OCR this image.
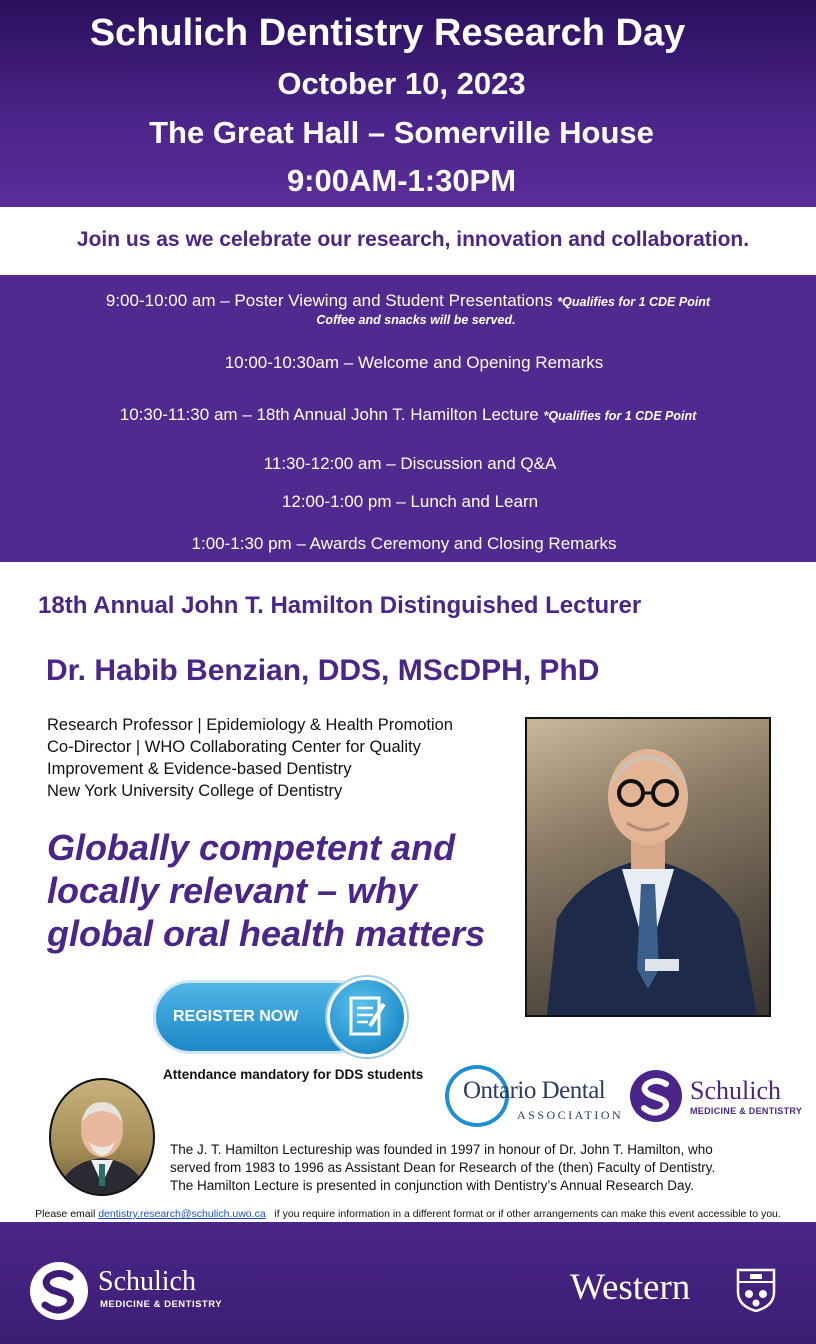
Schulich Dentistry Research Day
October 10, 2023
The Great Hall – Somerville House
9:00AM-1:30PM
Join us as we celebrate our research, innovation and collaboration.
9:00-10:00 am – Poster Viewing and Student Presentations *Qualifies for 1 CDE Point
Coffee and snacks will be served.
10:00-10:30am – Welcome and Opening Remarks
10:30-11:30 am – 18th Annual John T. Hamilton Lecture *Qualifies for 1 CDE Point
11:30-12:00 am – Discussion and Q&A
12:00-1:00 pm – Lunch and Learn
1:00-1:30 pm – Awards Ceremony and Closing Remarks
18th Annual John T. Hamilton Distinguished Lecturer
Dr. Habib Benzian, DDS, MScDPH, PhD
Research Professor | Epidemiology & Health Promotion
Co-Director | WHO Collaborating Center for Quality
Improvement & Evidence-based Dentistry
New York University College of Dentistry
Globally competent and
locally relevant – why
global oral health matters
REGISTER NOW
Attendance mandatory for DDS students
Ontario Dental
ASSOCIATION
Schulich
MEDICINE & DENTISTRY
The J. T. Hamilton Lectureship was founded in 1997 in honour of Dr. John T. Hamilton, who
served from 1983 to 1996 as Assistant Dean for Research of the (then) Faculty of Dentistry.
The Hamilton Lecture is presented in conjunction with Dentistry’s Annual Research Day.
Please email dentistry.research@schulich.uwo.ca   if you require information in a different format or if other arrangements can make this event accessible to you.
Schulich
MEDICINE & DENTISTRY	Western
